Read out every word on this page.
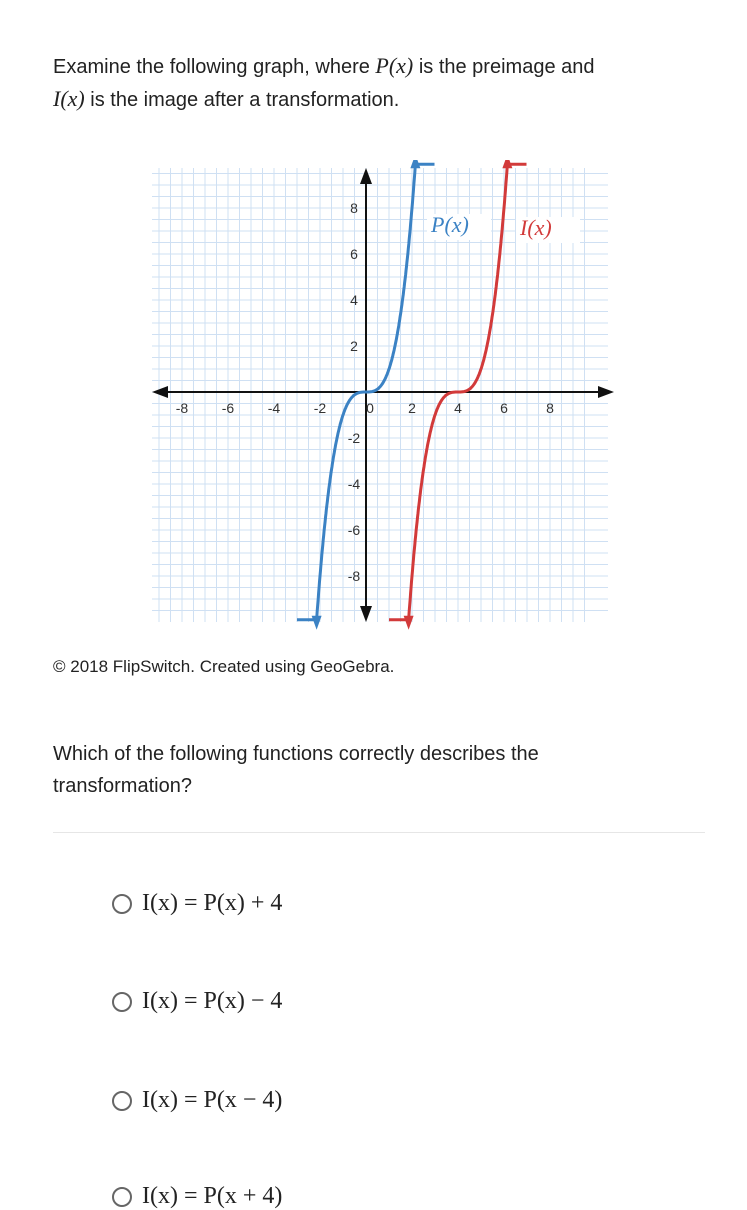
Examine the following graph, where P(x) is the preimage and
I(x) is the image after a transformation.
-8 -6 -4 -2	0 2	4	6	8
8
6
4
2
-2
-4
-6
-8
P(x) I(x)
© 2018 FlipSwitch. Created using GeoGebra.
Which of the following functions correctly describes the transformation?
I(x) = P(x) + 4
I(x) = P(x) − 4
I(x) = P(x − 4)
I(x) = P(x + 4)
